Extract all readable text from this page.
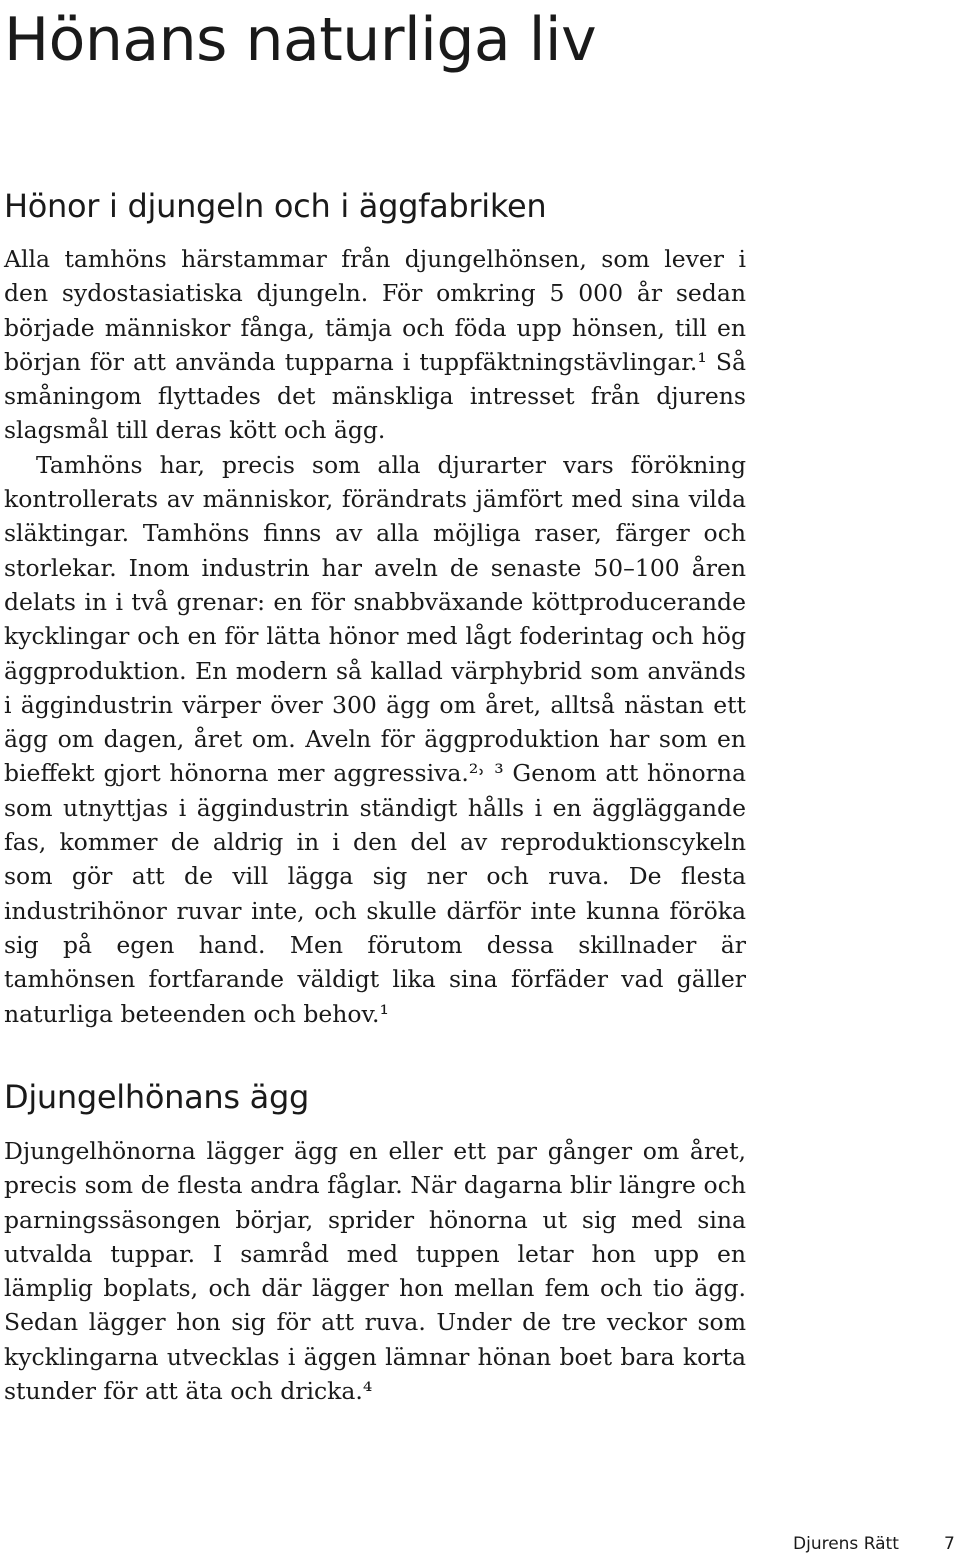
Hönans naturliga liv
Hönor i djungeln och i äggfabriken

Alla tamhöns härstammar från djungelhönsen, som lever i den sydostasiatiska djungeln. För omkring 5 000 år sedan började människor fånga, tämja och föda upp hönsen, till en början för att använda tupparna i tuppfäktningstävlingar.¹ Så småningom flyttades det mänskliga intresset från djurens slagsmål till deras kött och ägg.

Tamhöns har, precis som alla djurarter vars förökning kontrollerats av människor, förändrats jämfört med sina vilda släktingar. Tamhöns finns av alla möjliga raser, färger och storlekar. Inom industrin har aveln de senaste 50–100 åren delats in i två grenar: en för snabbväxande köttproducerande kycklingar och en för lätta hönor med lågt foderintag och hög äggproduktion. En modern så kallad värphybrid som används i äggindustrin värper över 300 ägg om året, alltså nästan ett ägg om dagen, året om. Aveln för äggproduktion har som en bieffekt gjort hönorna mer aggressiva.²˒ ³ Genom att hönorna som utnyttjas i äggindustrin ständigt hålls i en äggläggande fas, kommer de aldrig in i den del av reproduktionscykeln som gör att de vill lägga sig ner och ruva. De flesta industrihönor ruvar inte, och skulle därför inte kunna föröka sig på egen hand. Men förutom dessa skillnader är tamhönsen fortfarande väldigt lika sina förfäder vad gäller naturliga beteenden och behov.¹

Djungelhönans ägg

Djungelhönorna lägger ägg en eller ett par gånger om året, precis som de flesta andra fåglar. När dagarna blir längre och parningssäsongen börjar, sprider hönorna ut sig med sina utvalda tuppar. I samråd med tuppen letar hon upp en lämplig boplats, och där lägger hon mellan fem och tio ägg. Sedan lägger hon sig för att ruva. Under de tre veckor som kycklingarna utvecklas i äggen lämnar hönan boet bara korta stunder för att äta och dricka.⁴

Djurens Rätt	7
